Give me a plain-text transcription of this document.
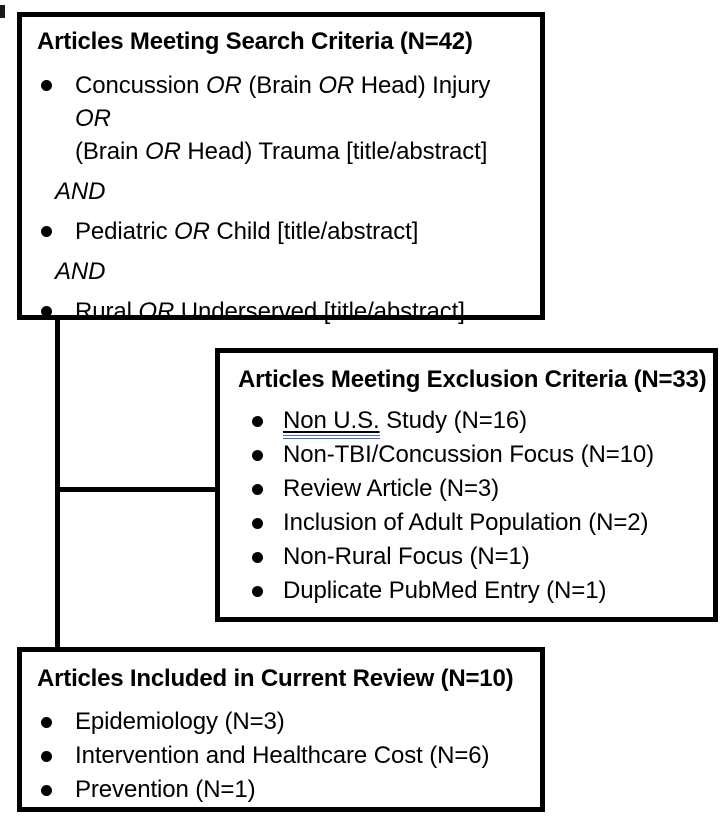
Articles Meeting Search Criteria (N=42)
Concussion OR (Brain OR Head) Injury OR
(Brain OR Head) Trauma [title/abstract]
AND
Pediatric OR Child [title/abstract]
AND
Rural OR Underserved [title/abstract]
Articles Meeting Exclusion Criteria (N=33)
Non U.S. Study (N=16)
Non-TBI/Concussion Focus (N=10)
Review Article (N=3)
Inclusion of Adult Population (N=2)
Non-Rural Focus (N=1)
Duplicate PubMed Entry (N=1)
Articles Included in Current Review (N=10)
Epidemiology (N=3)
Intervention and Healthcare Cost (N=6)
Prevention (N=1)
